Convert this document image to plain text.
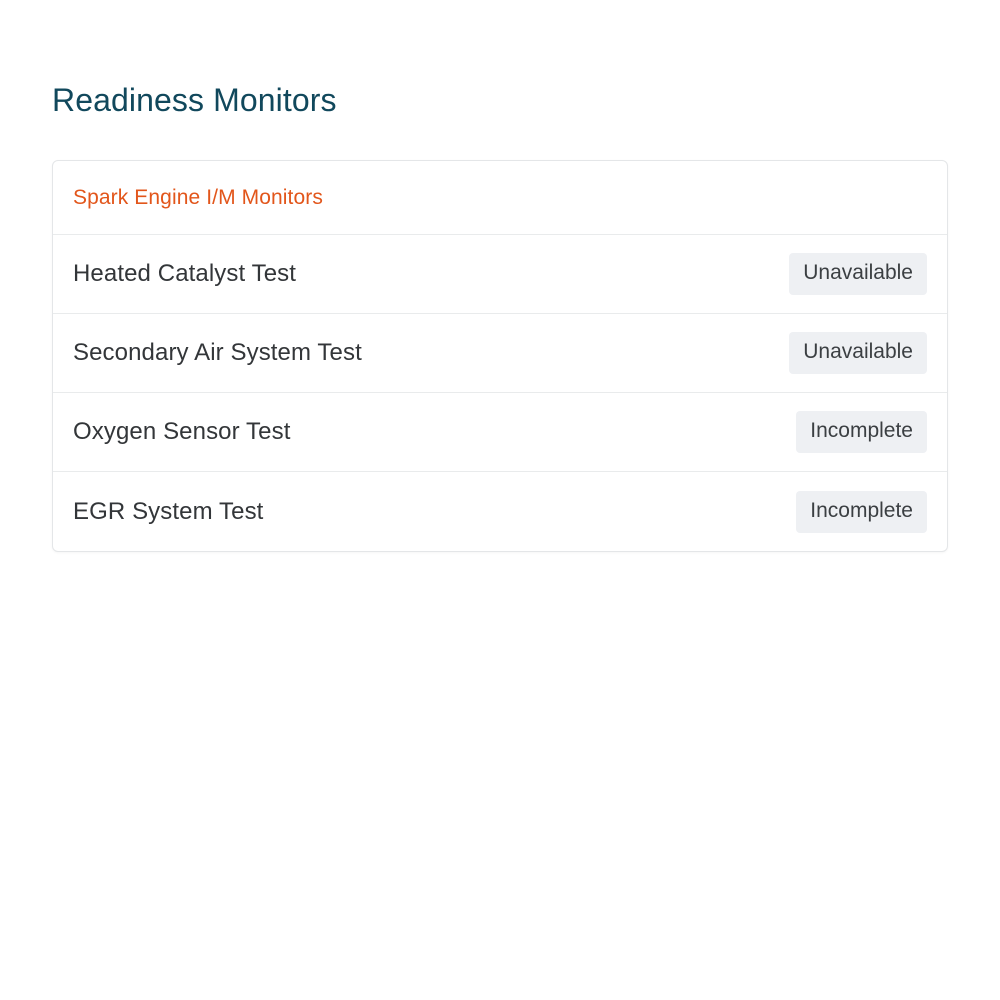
Readiness Monitors
Spark Engine I/M Monitors
Heated Catalyst Test	Unavailable
Secondary Air System Test	Unavailable
Oxygen Sensor Test	Incomplete
EGR System Test	Incomplete
